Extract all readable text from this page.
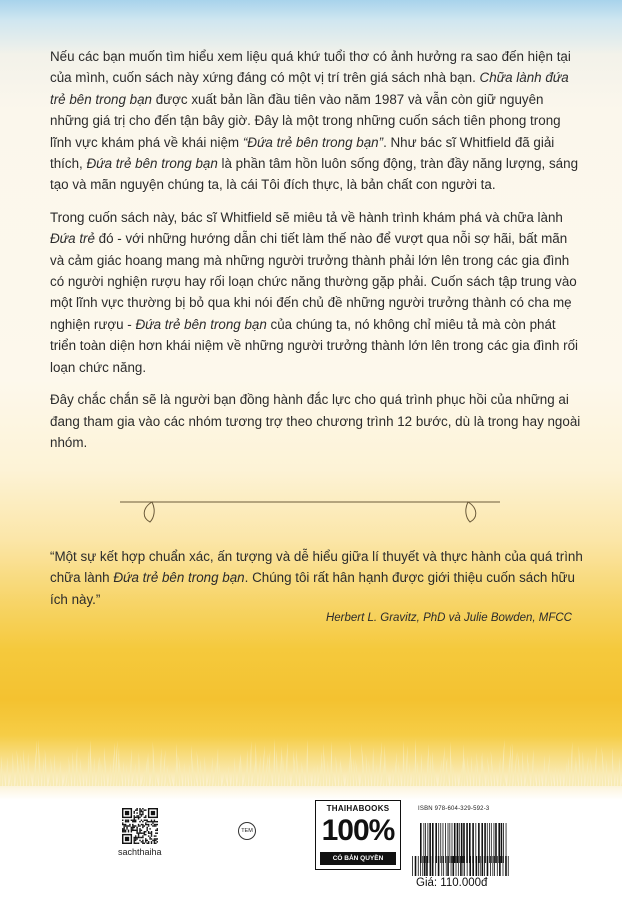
Nếu các bạn muốn tìm hiểu xem liệu quá khứ tuổi thơ có ảnh hưởng ra sao đến hiện tại của mình, cuốn sách này xứng đáng có một vị trí trên giá sách nhà bạn. Chữa lành đứa trẻ bên trong bạn được xuất bản lần đầu tiên vào năm 1987 và vẫn còn giữ nguyên những giá trị cho đến tận bây giờ. Đây là một trong những cuốn sách tiên phong trong lĩnh vực khám phá về khái niệm “Đứa trẻ bên trong bạn”. Như bác sĩ Whitfield đã giải thích, Đứa trẻ bên trong bạn là phần tâm hồn luôn sống động, tràn đầy năng lượng, sáng tạo và mãn nguyện chúng ta, là cái Tôi đích thực, là bản chất con người ta.

Trong cuốn sách này, bác sĩ Whitfield sẽ miêu tả về hành trình khám phá và chữa lành Đứa trẻ đó - với những hướng dẫn chi tiết làm thế nào để vượt qua nỗi sợ hãi, bất mãn và cảm giác hoang mang mà những người trưởng thành phải lớn lên trong các gia đình có người nghiện rượu hay rối loạn chức năng thường gặp phải. Cuốn sách tập trung vào một lĩnh vực thường bị bỏ qua khi nói đến chủ đề những người trưởng thành có cha mẹ nghiện rượu - Đứa trẻ bên trong bạn của chúng ta, nó không chỉ miêu tả mà còn phát triển toàn diện hơn khái niệm về những người trưởng thành lớn lên trong các gia đình rối loạn chức năng.

Đây chắc chắn sẽ là người bạn đồng hành đắc lực cho quá trình phục hồi của những ai đang tham gia vào các nhóm tương trợ theo chương trình 12 bước, dù là trong hay ngoài nhóm.

“Một sự kết hợp chuẩn xác, ấn tượng và dễ hiểu giữa lí thuyết và thực hành của quá trình chữa lành Đứa trẻ bên trong bạn. Chúng tôi rất hân hạnh được giới thiệu cuốn sách hữu ích này.”
Herbert L. Gravitz, PhD và Julie Bowden, MFCC
sachthaiha
TEM
THAIHABOOKS
100%
CÓ BẢN QUYỀN
ISBN 978-604-329-592-3
Giá: 110.000đ
